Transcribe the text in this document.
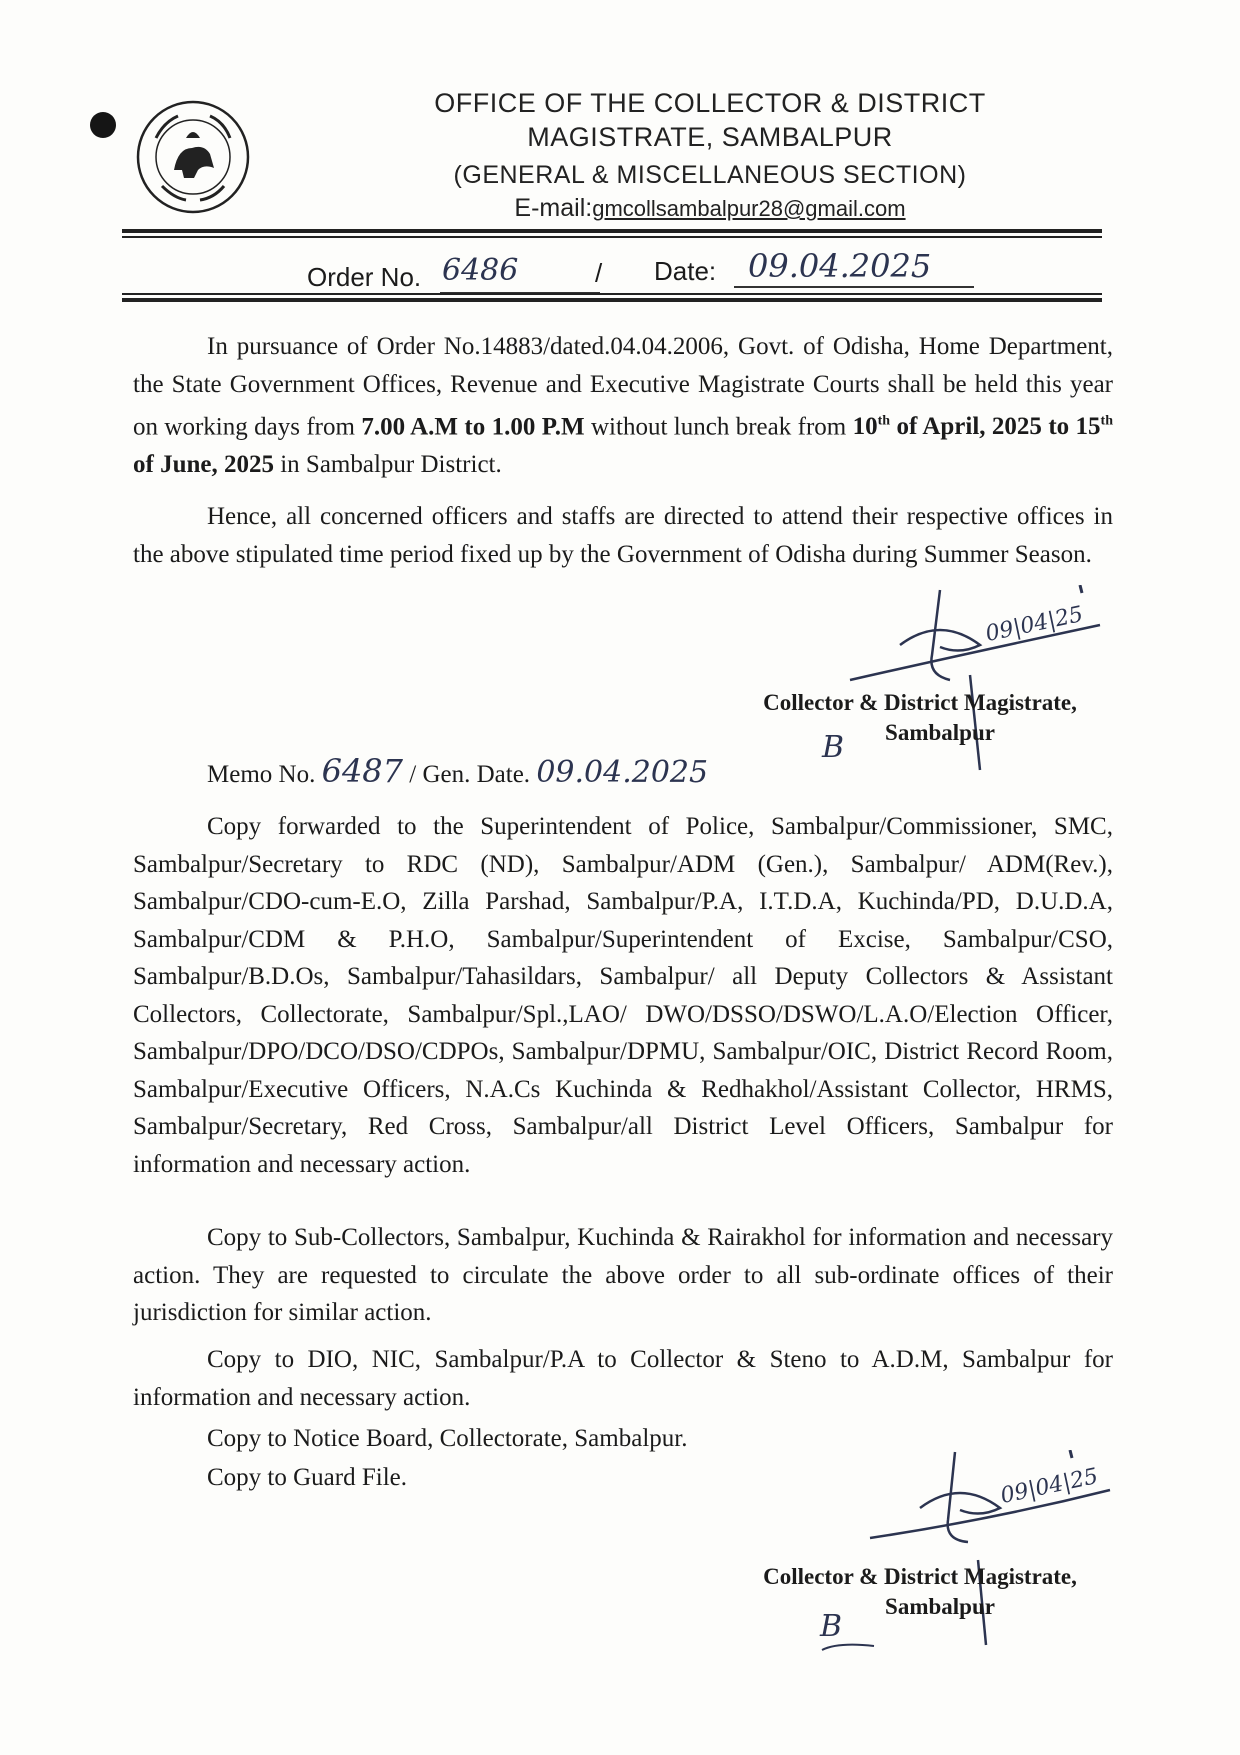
OFFICE OF THE COLLECTOR & DISTRICT
MAGISTRATE, SAMBALPUR
(GENERAL & MISCELLANEOUS SECTION)
E-mail:gmcollsambalpur28@gmail.com
Order No. 6486	/ Date: 09.04.2025

In pursuance of Order No.14883/dated.04.04.2006, Govt. of Odisha, Home Department, the State Government Offices, Revenue and Executive Magistrate Courts shall be held this year on working days from 7.00 A.M to 1.00 P.M without lunch break from 10th of April, 2025 to 15th of June, 2025 in Sambalpur District.

Hence, all concerned officers and staffs are directed to attend their respective offices in the above stipulated time period fixed up by the Government of Odisha during Summer Season.

09|04|25
Collector & District Magistrate,
Sambalpur
B
Memo No. 6487 / Gen. Date. 09.04.2025

Copy forwarded to the Superintendent of Police, Sambalpur/Commissioner, SMC, Sambalpur/Secretary to RDC (ND), Sambalpur/ADM (Gen.), Sambalpur/ ADM(Rev.), Sambalpur/CDO-cum-E.O, Zilla Parshad, Sambalpur/P.A, I.T.D.A, Kuchinda/PD, D.U.D.A, Sambalpur/CDM & P.H.O, Sambalpur/Superintendent of Excise, Sambalpur/CSO, Sambalpur/B.D.Os, Sambalpur/Tahasildars, Sambalpur/ all Deputy Collectors & Assistant Collectors, Collectorate, Sambalpur/Spl.,LAO/ DWO/DSSO/DSWO/L.A.O/Election Officer, Sambalpur/DPO/DCO/DSO/CDPOs, Sambalpur/DPMU, Sambalpur/OIC, District Record Room, Sambalpur/Executive Officers, N.A.Cs Kuchinda & Redhakhol/Assistant Collector, HRMS, Sambalpur/Secretary, Red Cross, Sambalpur/all District Level Officers, Sambalpur for information and necessary action.

Copy to Sub-Collectors, Sambalpur, Kuchinda & Rairakhol for information and necessary action. They are requested to circulate the above order to all sub-ordinate offices of their jurisdiction for similar action.

Copy to DIO, NIC, Sambalpur/P.A to Collector & Steno to A.D.M, Sambalpur for information and necessary action.

Copy to Notice Board, Collectorate, Sambalpur.

Copy to Guard File.	09|04|25
Collector & District Magistrate,
Sambalpur
B
